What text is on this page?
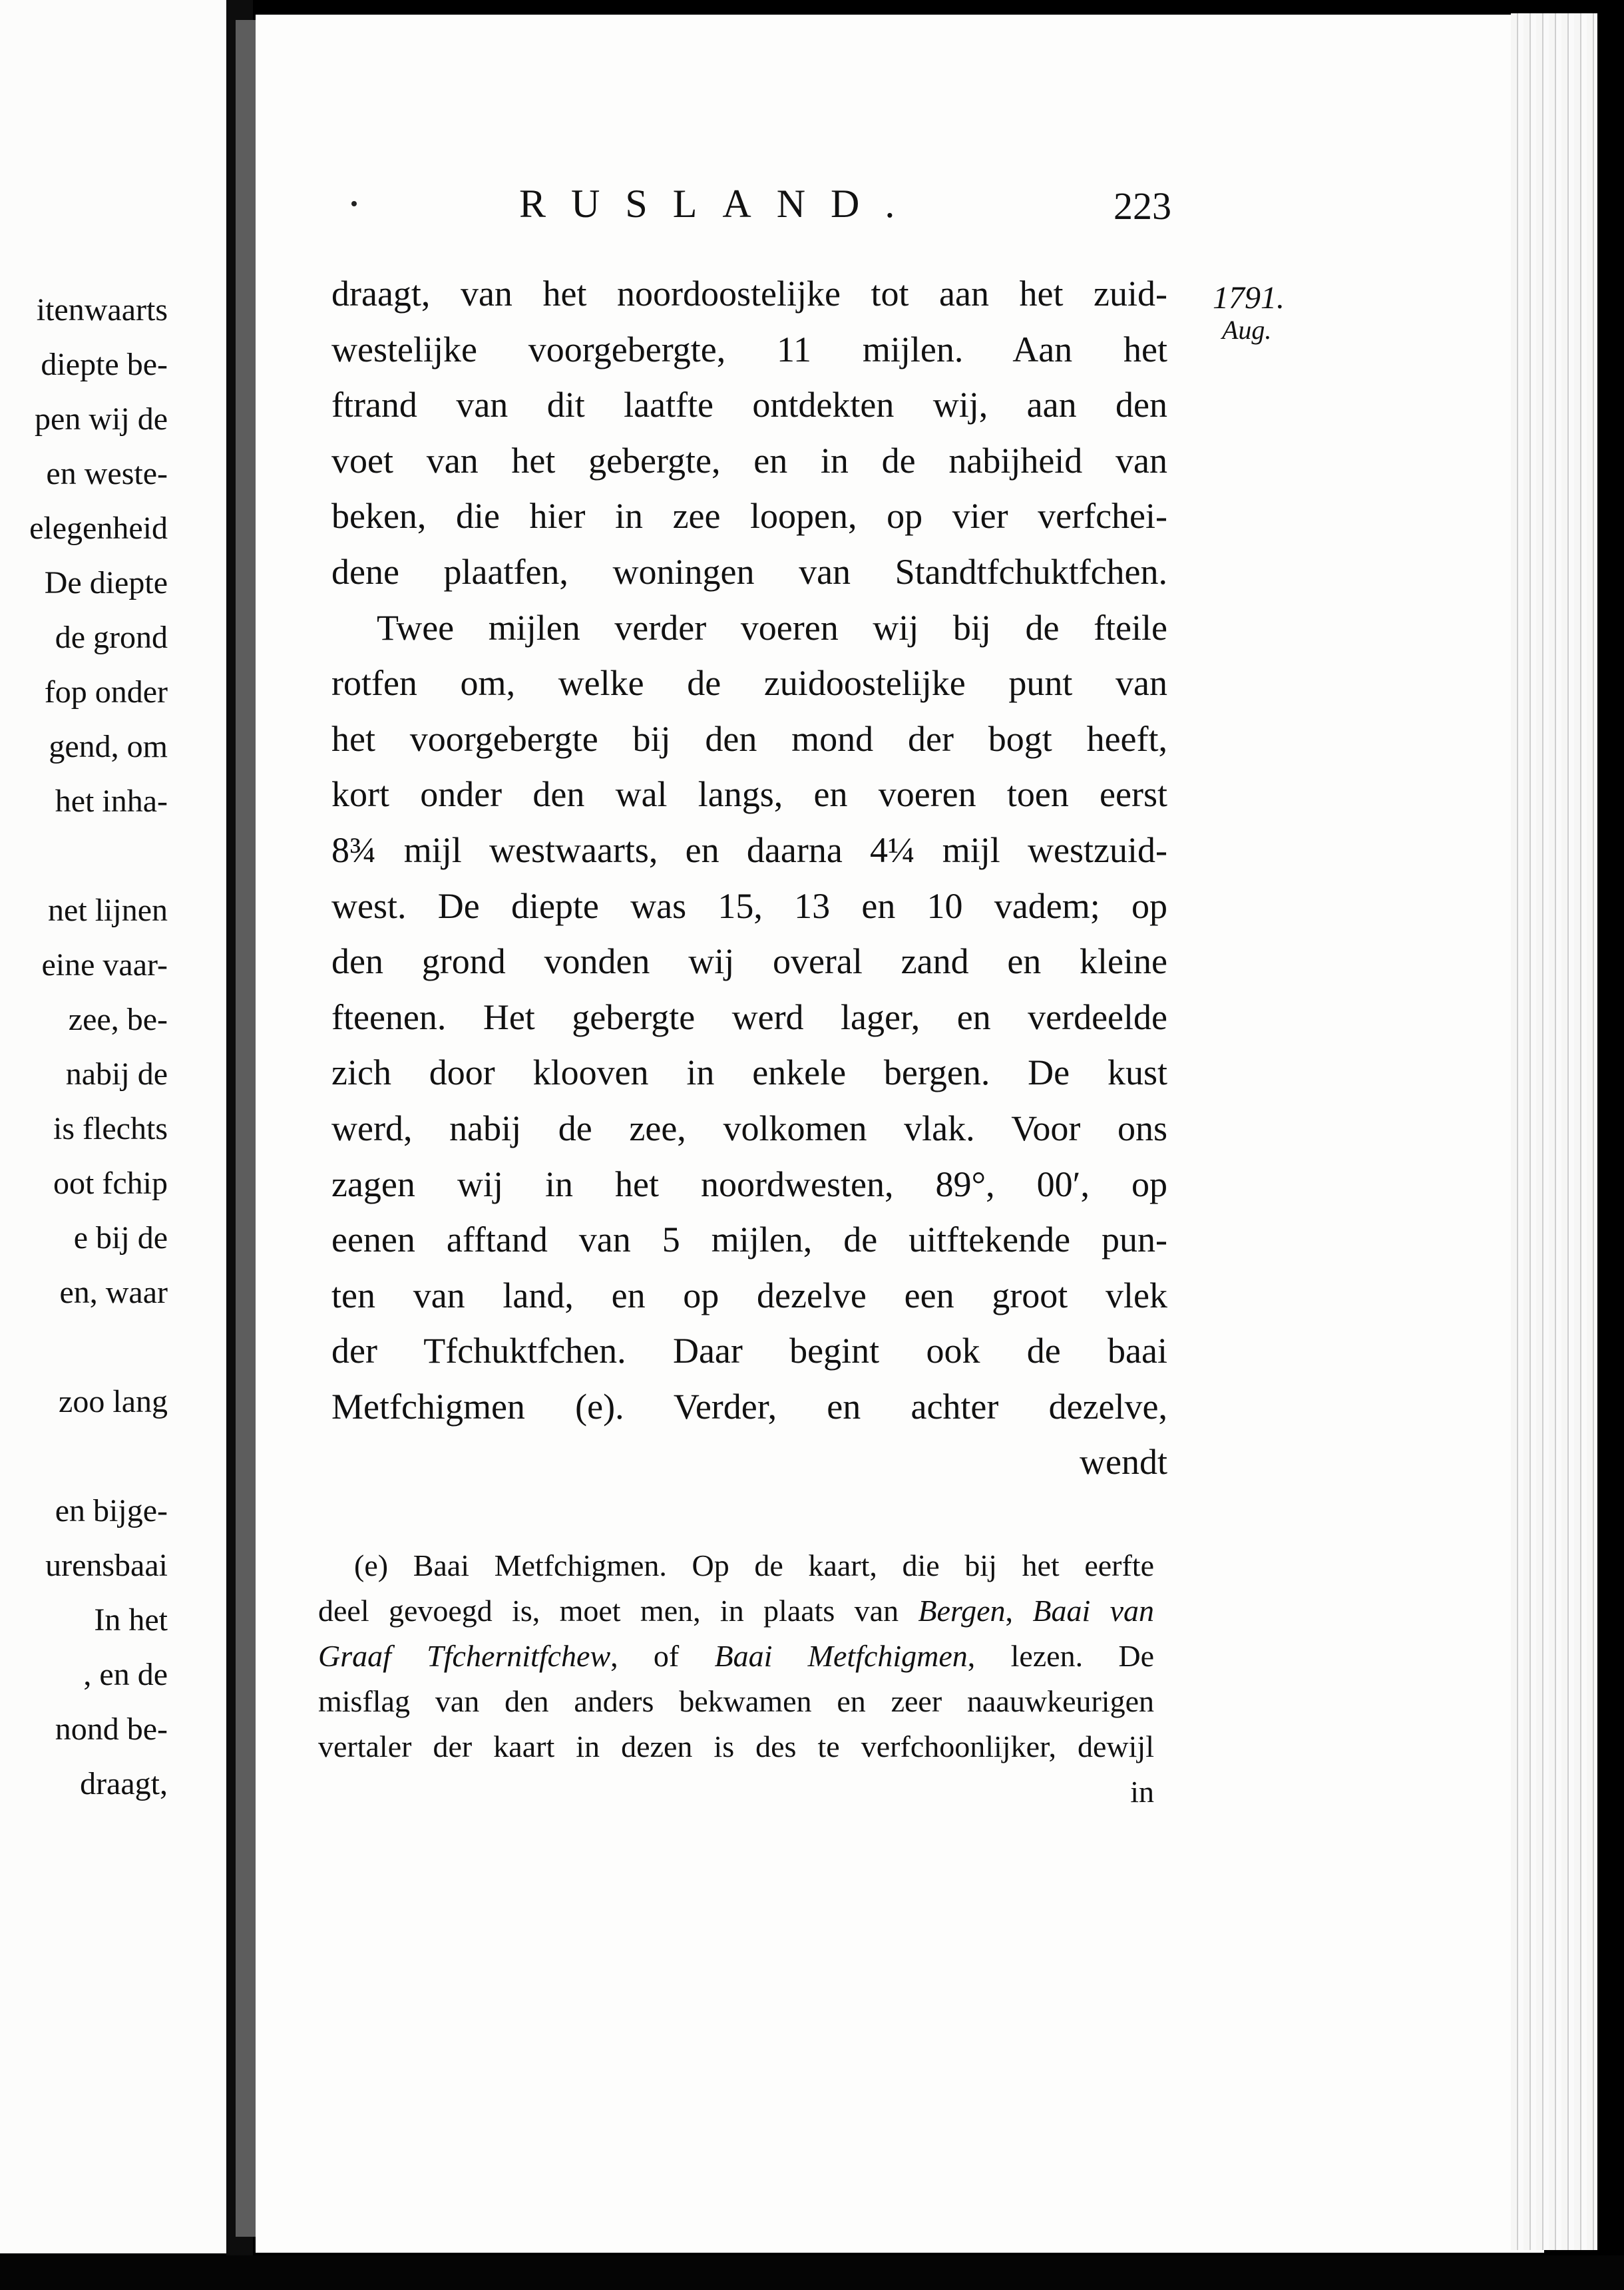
itenwaarts
diepte be-
pen wij de
en weste-
elegenheid
De diepte
de grond
fop onder
gend, om
het inha-
net lijnen
eine vaar-
zee, be-
nabij de
is flechts
oot fchip
e bij de
en, waar
zoo lang
en bijge-
urensbaai
In het
, en de
nond be-
draagt,
RUSLAND.	223
1791.
Aug.
draagt, van het noordoostelijke tot aan het zuid-
westelijke voorgebergte, 11 mijlen. Aan het
ftrand van dit laatfte ontdekten wij, aan den
voet van het gebergte, en in de nabijheid van
beken, die hier in zee loopen, op vier verfchei-
dene plaatfen, woningen van Standtfchuktfchen.
Twee mijlen verder voeren wij bij de fteile
rotfen om, welke de zuidoostelijke punt van
het voorgebergte bij den mond der bogt heeft,
kort onder den wal langs, en voeren toen eerst
8¾ mijl westwaarts, en daarna 4¼ mijl westzuid-
west. De diepte was 15, 13 en 10 vadem; op
den grond vonden wij overal zand en kleine
fteenen. Het gebergte werd lager, en verdeelde
zich door klooven in enkele bergen. De kust
werd, nabij de zee, volkomen vlak. Voor ons
zagen wij in het noordwesten, 89°, 00′, op
eenen afftand van 5 mijlen, de uitftekende pun-
ten van land, en op dezelve een groot vlek
der Tfchuktfchen. Daar begint ook de baai
Metfchigmen (e). Verder, en achter dezelve,
wendt
(e) Baai Metfchigmen. Op de kaart, die bij het eerfte
deel gevoegd is, moet men, in plaats van Bergen, Baai van
Graaf Tfchernitfchew, of Baai Metfchigmen, lezen. De
misflag van den anders bekwamen en zeer naauwkeurigen
vertaler der kaart in dezen is des te verfchoonlijker, dewijl
in
